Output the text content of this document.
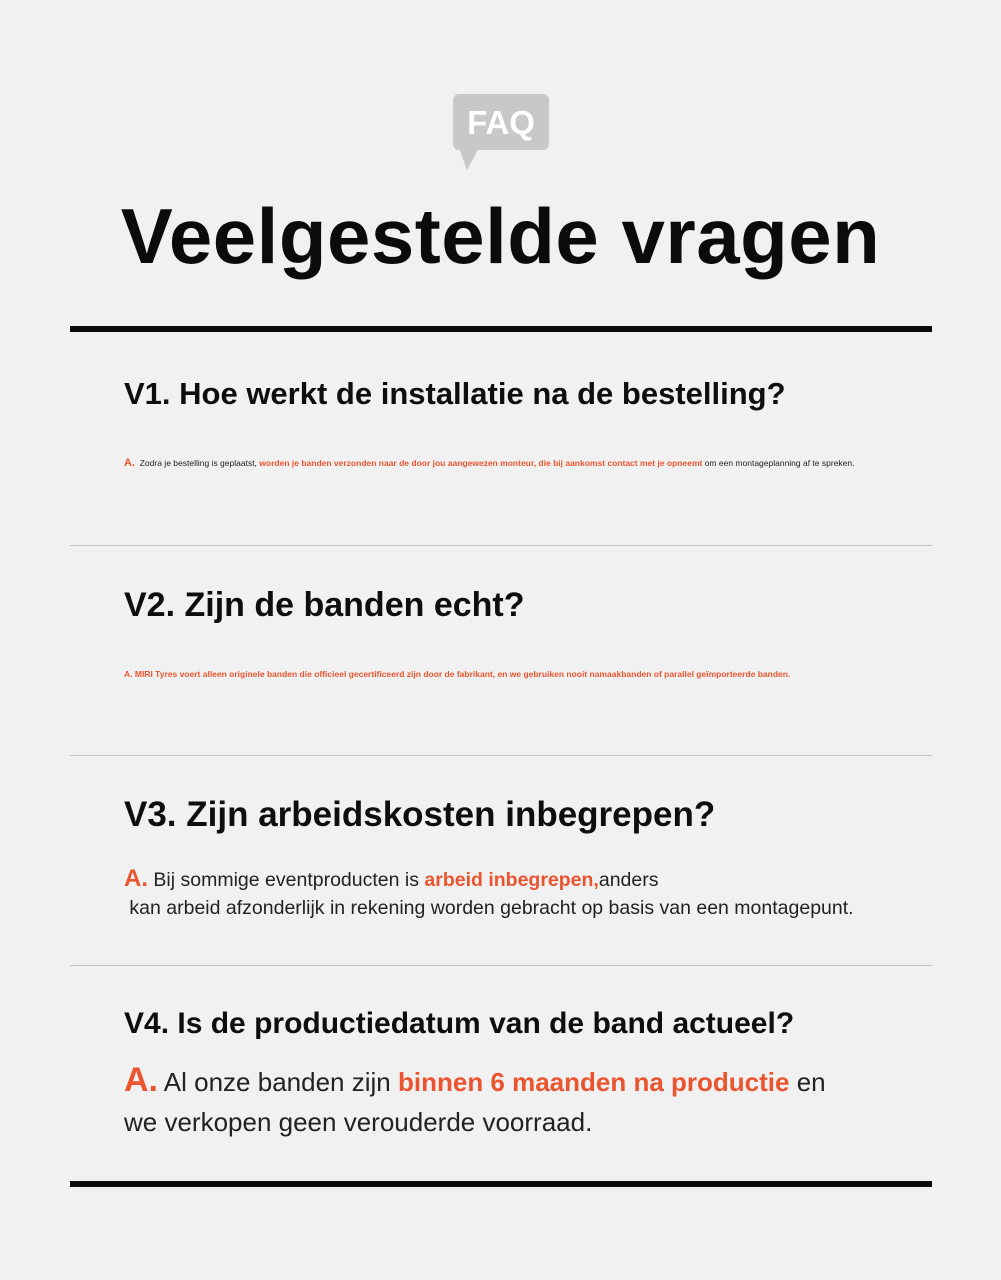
FAQ
Veelgestelde vragen
V1. Hoe werkt de installatie na de bestelling?

A. Zodra je bestelling is geplaatst, worden je banden verzonden naar de door jou aangewezen monteur, die bij aankomst contact met je opneemt om een montageplanning af te spreken.

V2. Zijn de banden echt?

A. MIRI Tyres voert alleen originele banden die officieel gecertificeerd zijn door de fabrikant, en we gebruiken nooit namaakbanden of parallel geïmporteerde banden.

V3. Zijn arbeidskosten inbegrepen?

A. Bij sommige eventproducten is arbeid inbegrepen,anders
kan arbeid afzonderlijk in rekening worden gebracht op basis van een montagepunt.

V4. Is de productiedatum van de band actueel?

A. Al onze banden zijn binnen 6 maanden na productie en
we verkopen geen verouderde voorraad.
